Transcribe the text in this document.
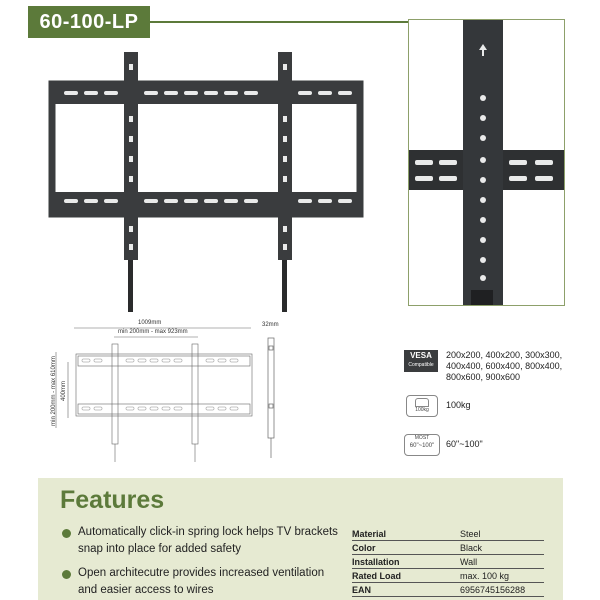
60-100-LP
1009mm
min 200mm - max 923mm
min 200mm - max 610mm 400mm
32mm
VESA
Compatible
200x200, 400x200, 300x300, 400x400, 600x400, 800x400, 800x600, 900x600
100kg	100kg
MOST
60"~100"	60"~100"
Features
Automatically click-in spring lock helps TV brackets snap into place for added safety
Open architecutre provides increased ventilation and easier access to wires
Material	Steel
Color	Black
Installation	Wall
Rated Load	max. 100 kg
EAN	6956745156288
